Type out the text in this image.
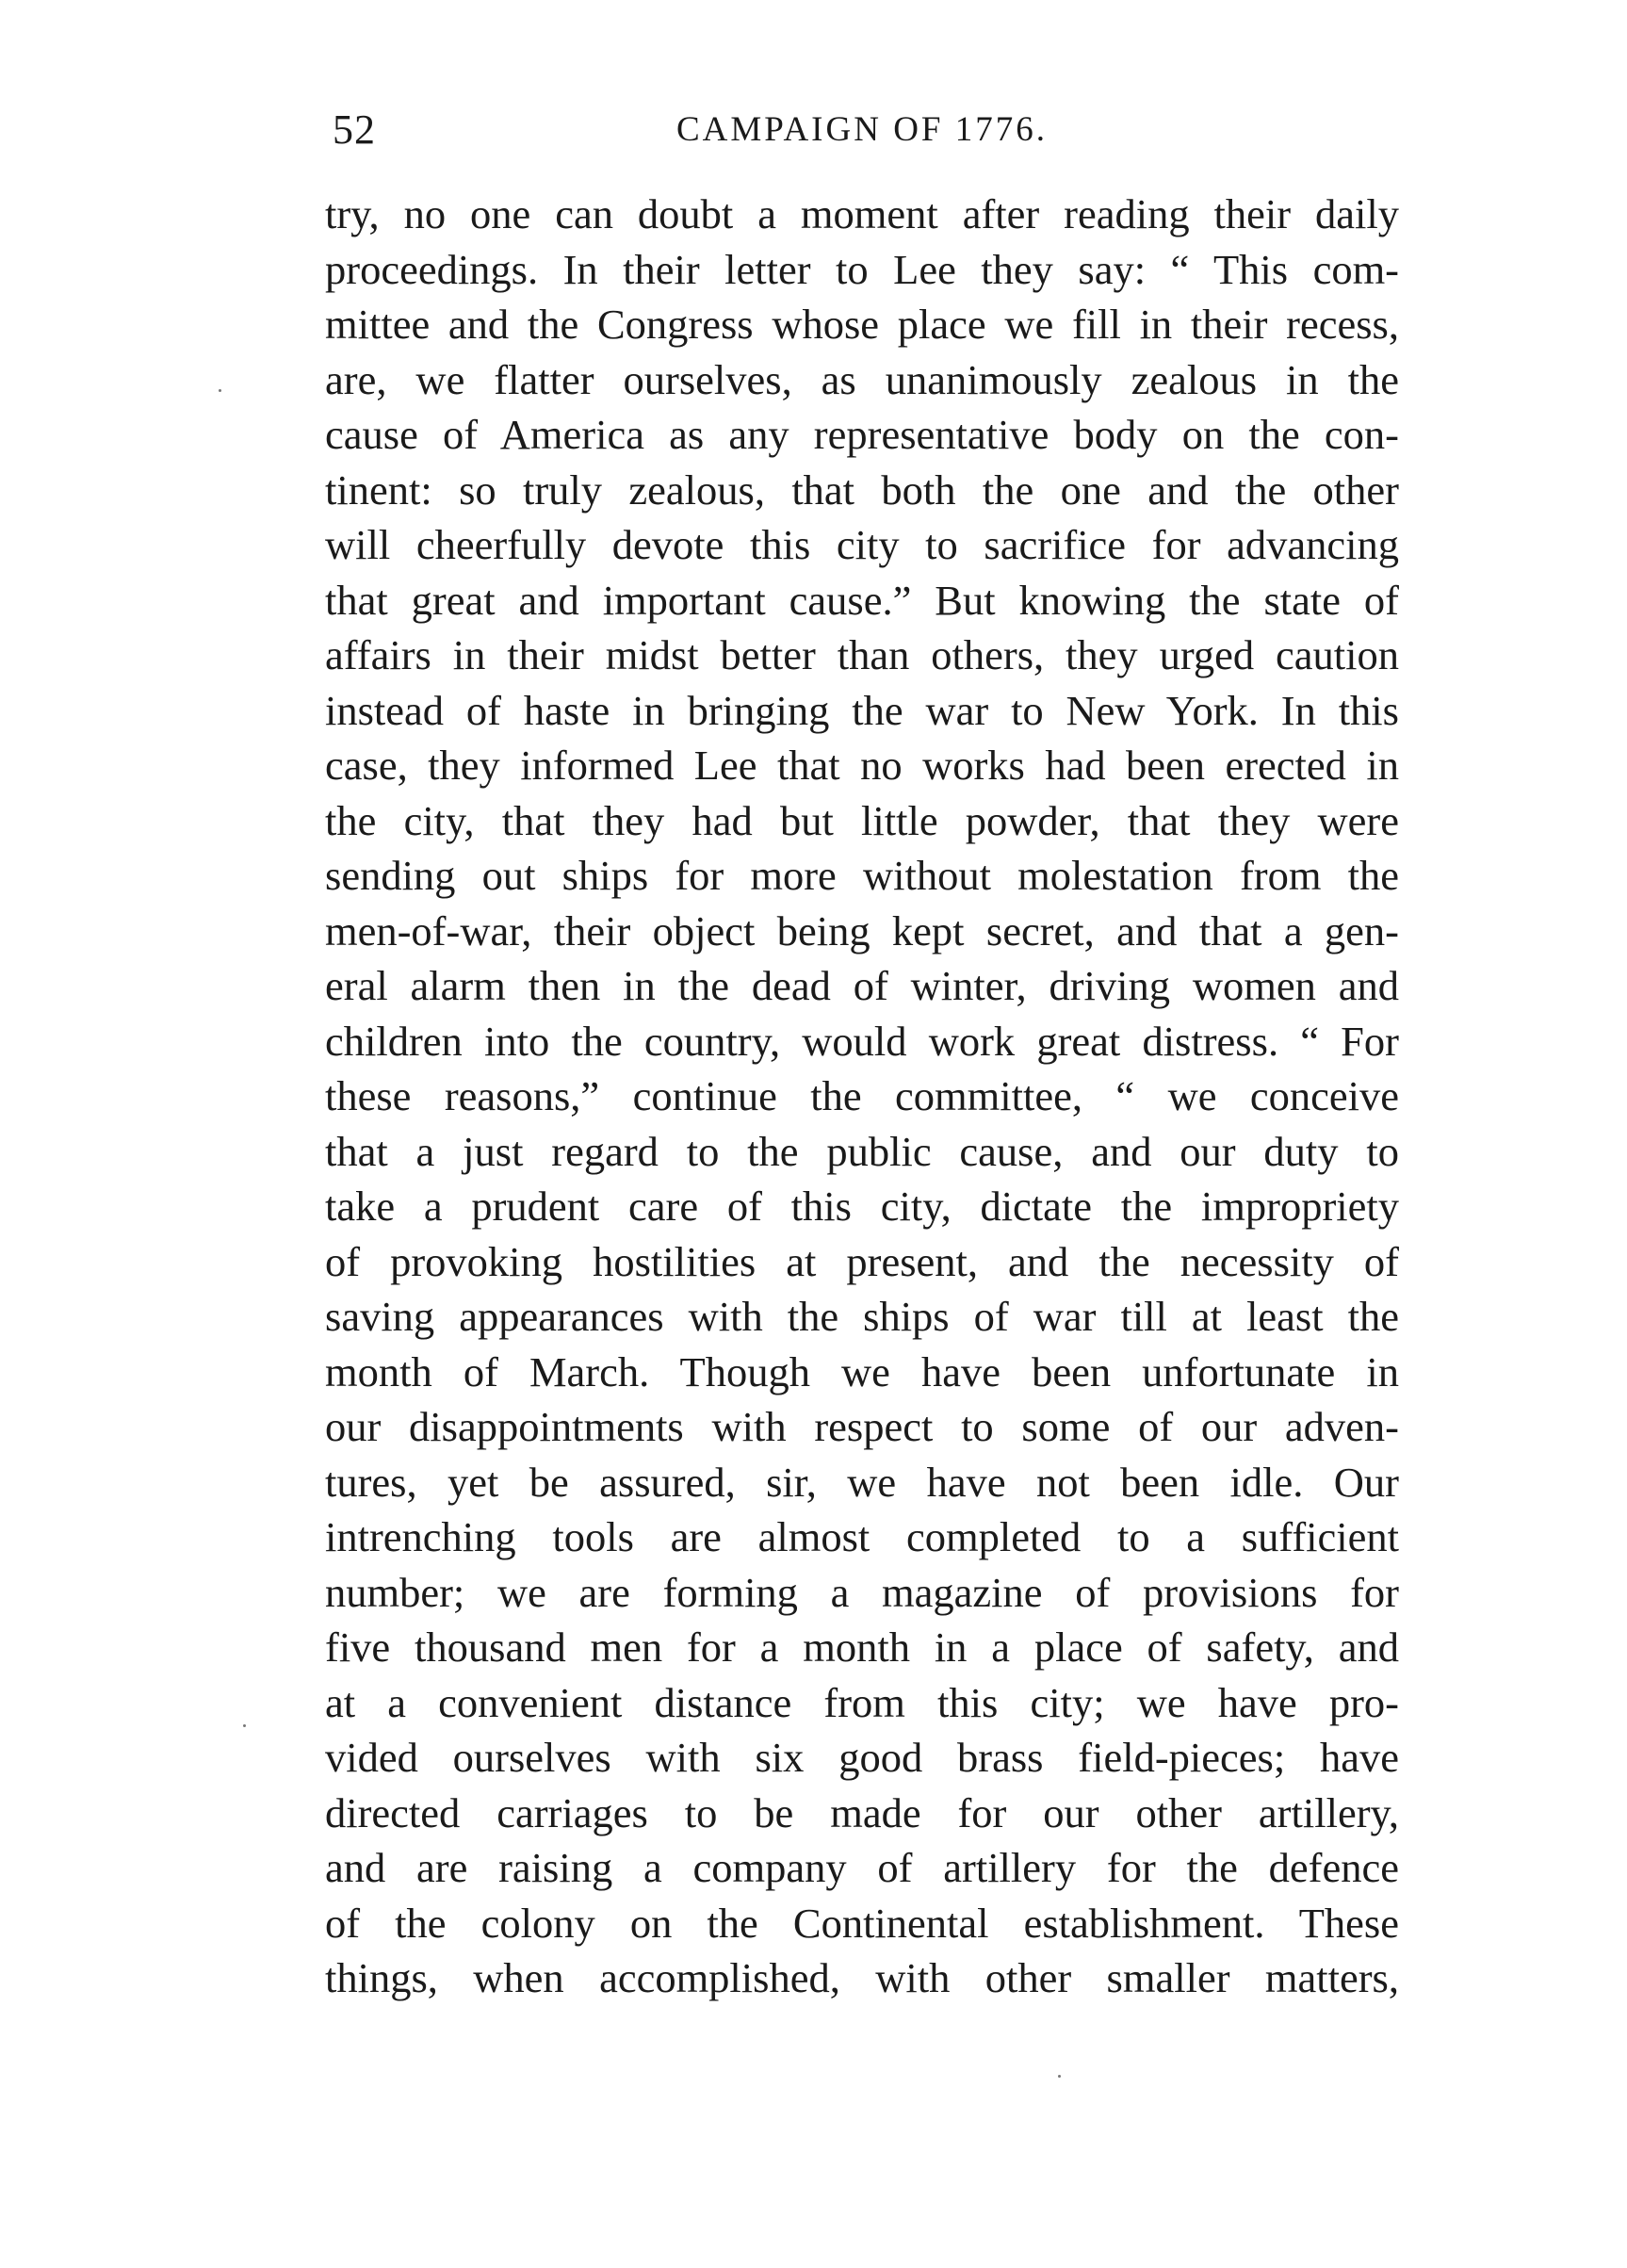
52	CAMPAIGN OF 1776.
try, no one can doubt a moment after reading their daily
proceedings. In their letter to Lee they say: “ This com-
mittee and the Congress whose place we fill in their recess,
are, we flatter ourselves, as unanimously zealous in the
cause of America as any representative body on the con-
tinent: so truly zealous, that both the one and the other
will cheerfully devote this city to sacrifice for advancing
that great and important cause.” But knowing the state of
affairs in their midst better than others, they urged caution
instead of haste in bringing the war to New York. In this
case, they informed Lee that no works had been erected in
the city, that they had but little powder, that they were
sending out ships for more without molestation from the
men-of-war, their object being kept secret, and that a gen-
eral alarm then in the dead of winter, driving women and
children into the country, would work great distress. “ For
these reasons,” continue the committee, “ we conceive
that a just regard to the public cause, and our duty to
take a prudent care of this city, dictate the impropriety
of provoking hostilities at present, and the necessity of
saving appearances with the ships of war till at least the
month of March. Though we have been unfortunate in
our disappointments with respect to some of our adven-
tures, yet be assured, sir, we have not been idle. Our
intrenching tools are almost completed to a sufficient
number; we are forming a magazine of provisions for
five thousand men for a month in a place of safety, and
at a convenient distance from this city; we have pro-
vided ourselves with six good brass field-pieces; have
directed carriages to be made for our other artillery,
and are raising a company of artillery for the defence
of the colony on the Continental establishment. These
things, when accomplished, with other smaller matters,
